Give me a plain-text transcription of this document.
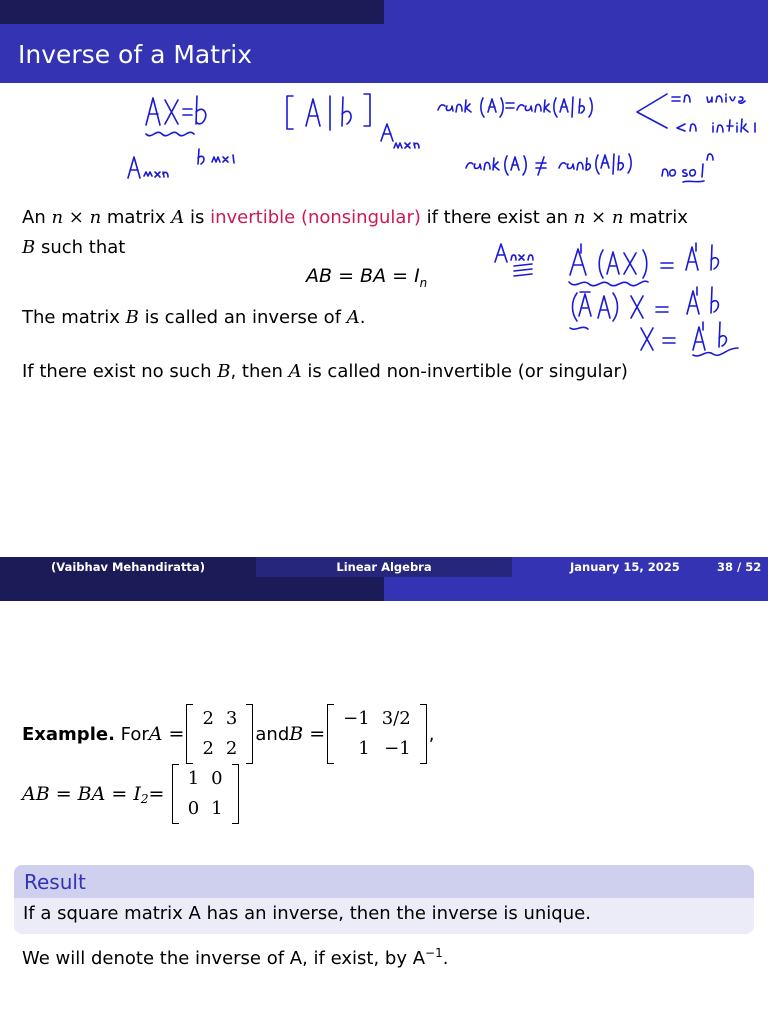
Inverse of a Matrix
An n × n matrix A is invertible (nonsingular) if there exist an n × n matrix
B such that
AB = BA = $I_n$
The matrix B is called an inverse of A.
If there exist no such B, then A is called non-invertible (or singular)
(Vaibhav Mehandiratta)	Linear Algebra	January 15, 2025	38 / 52
Example.
For A =
2	3
2	2
and B =
−1	3/2
1	−1
,
AB = BA = $I_2$ =

1	0
0	1
Result
If a square matrix A has an inverse, then the inverse is unique.
We will denote the inverse of A, if exist, by $A^{-1}$.
